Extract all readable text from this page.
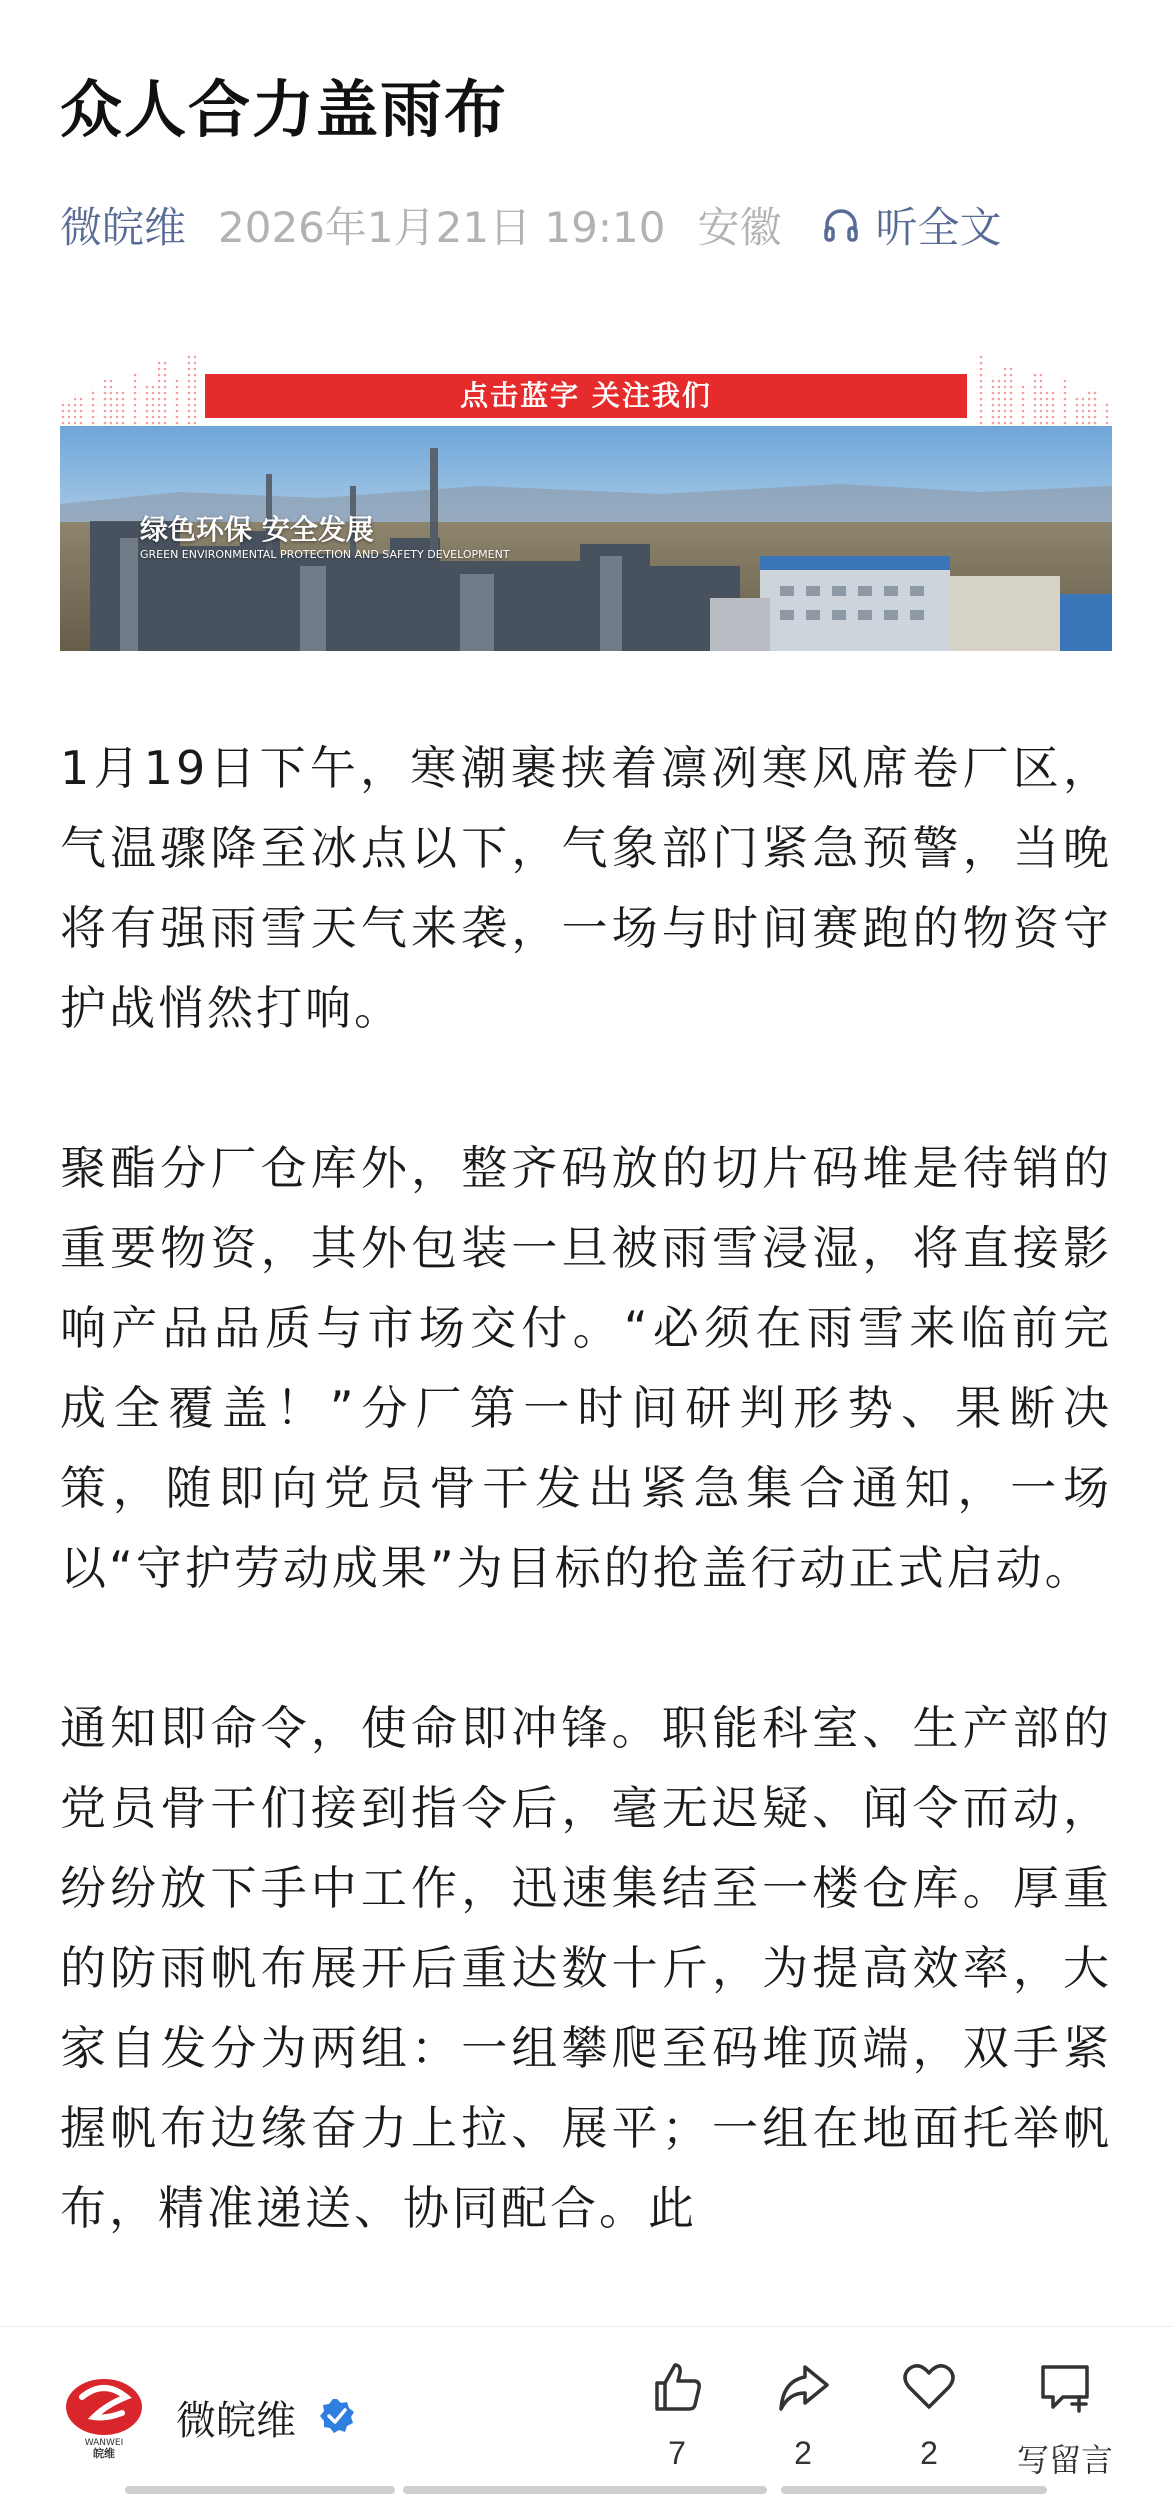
众人合力盖雨布
微皖维 2026年1月21日 19:10 安徽 听全文
点击蓝字 关注我们
绿色环保 安全发展
GREEN ENVIRONMENTAL PROTECTION AND SAFETY DEVELOPMENT

1月19日下午，寒潮裹挟着凛冽寒风席卷厂区，气温骤降至冰点以下，气象部门紧急预警，当晚将有强雨雪天气来袭，一场与时间赛跑的物资守护战悄然打响。

聚酯分厂仓库外，整齐码放的切片码堆是待销的重要物资，其外包装一旦被雨雪浸湿，将直接影响产品品质与市场交付。“必须在雨雪来临前完成全覆盖！”分厂第一时间研判形势、果断决策，随即向党员骨干发出紧急集合通知，一场以“守护劳动成果”为目标的抢盖行动正式启动。

通知即命令，使命即冲锋。职能科室、生产部的党员骨干们接到指令后，毫无迟疑、闻令而动，纷纷放下手中工作，迅速集结至一楼仓库。厚重的防雨帆布展开后重达数十斤，为提高效率，大家自发分为两组：一组攀爬至码堆顶端，双手紧握帆布边缘奋力上拉、展平；一组在地面托举帆布，精准递送、协同配合。此

WANWEI
皖维
微皖维
7	2	2	写留言
